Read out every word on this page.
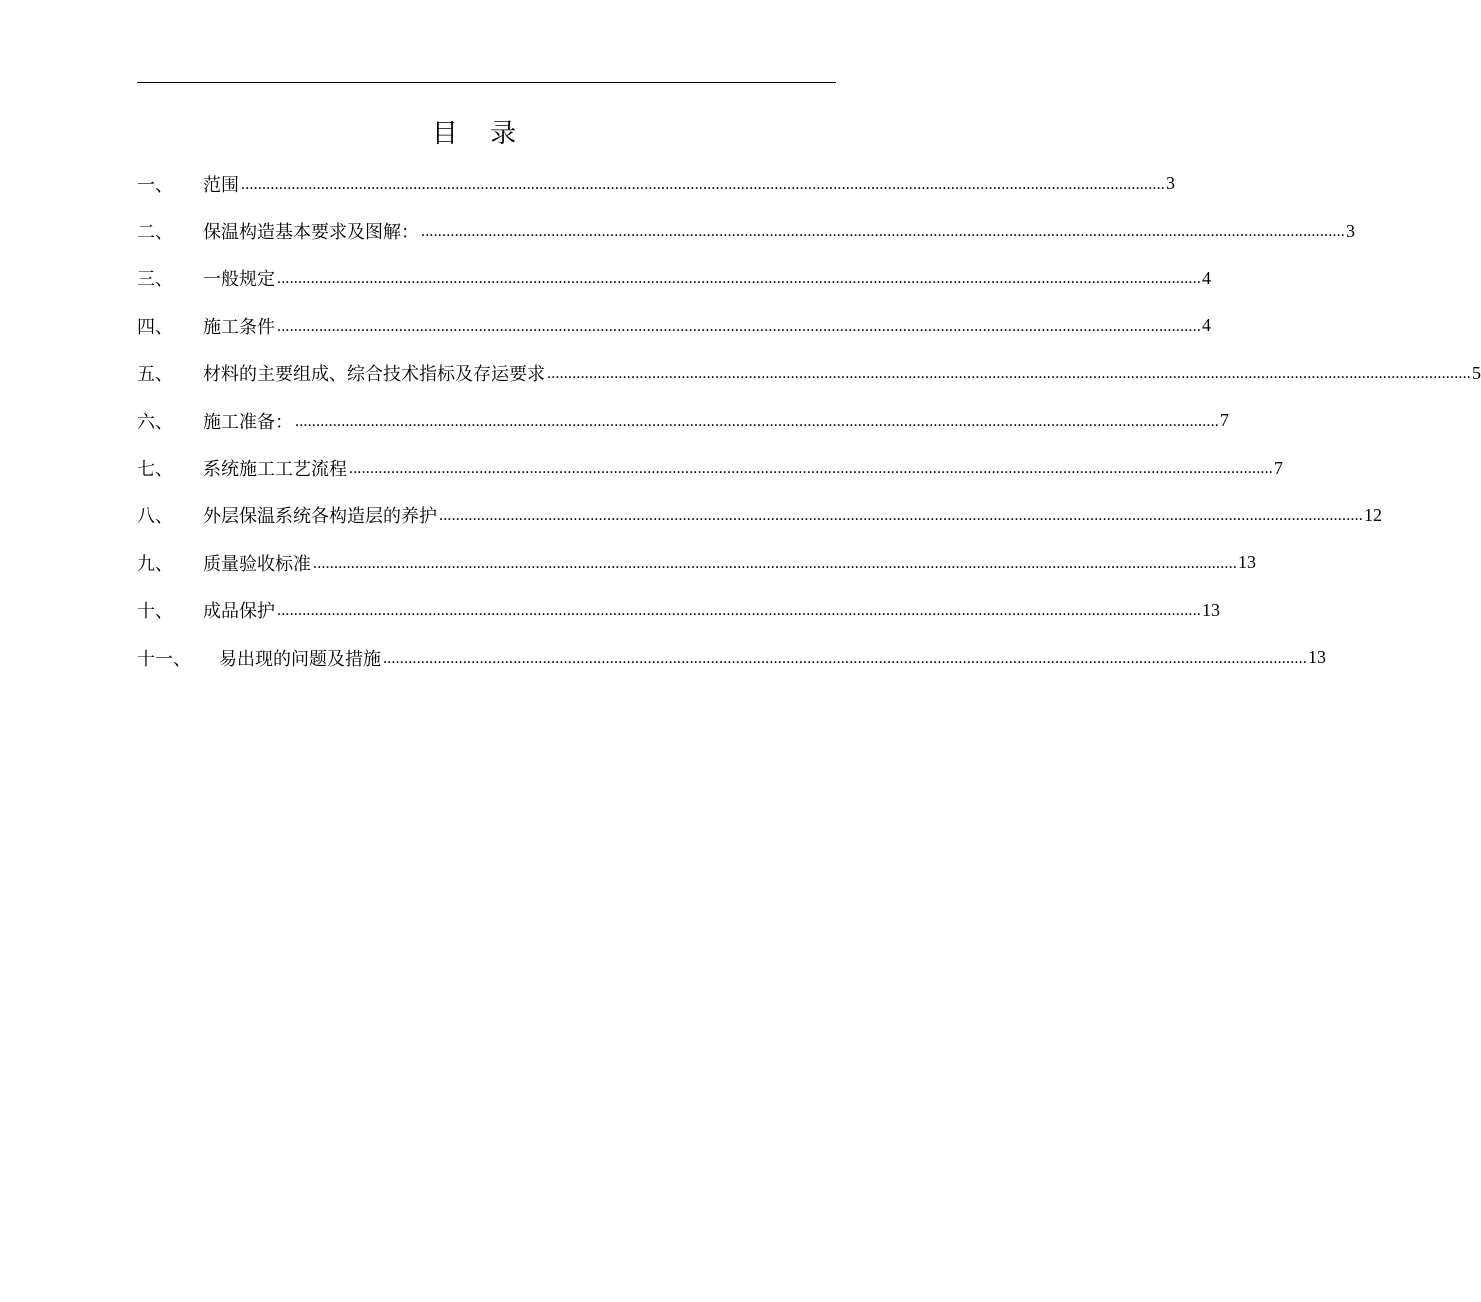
目 录
一、	范围 ............................................................................................................................................................................................................................ 3
二、	保温构造基本要求及图解： ............................................................................................................................................................................................................................ 3
三、	一般规定 ............................................................................................................................................................................................................................ 4
四、	施工条件 ............................................................................................................................................................................................................................ 4
五、	材料的主要组成、综合技术指标及存运要求 ............................................................................................................................................................................................................................ 5
六、	施工准备： ............................................................................................................................................................................................................................ 7
七、	系统施工工艺流程 ............................................................................................................................................................................................................................ 7
八、	外层保温系统各构造层的养护 ............................................................................................................................................................................................................................ 12
九、	质量验收标准 ............................................................................................................................................................................................................................ 13
十、	成品保护 ............................................................................................................................................................................................................................ 13
十一、	易出现的问题及措施 ............................................................................................................................................................................................................................ 13
